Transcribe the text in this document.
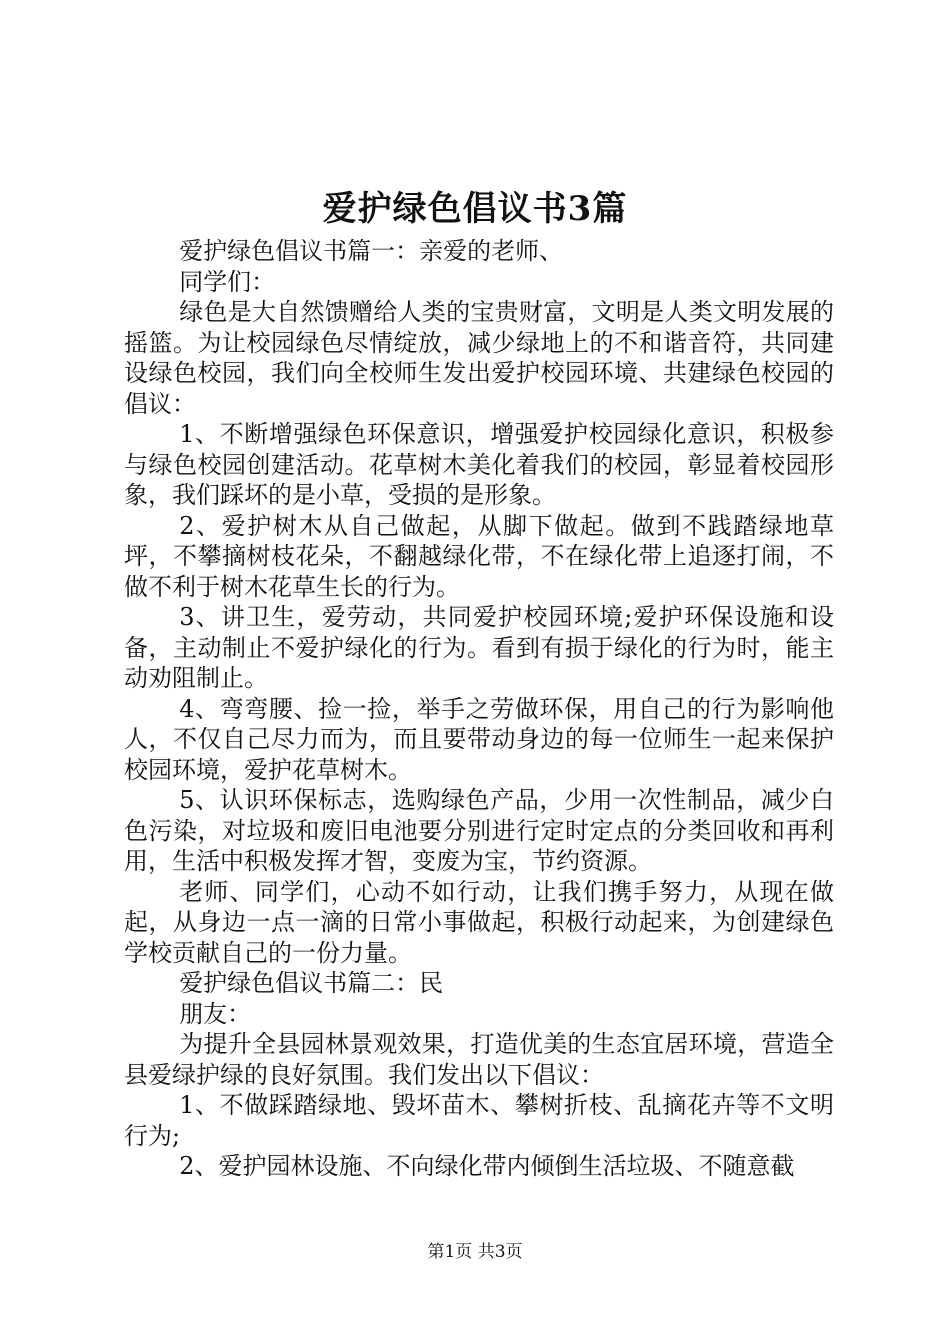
爱护绿色倡议书3篇

爱护绿色倡议书篇一：亲爱的老师、

同学们：

绿色是大自然馈赠给人类的宝贵财富，文明是人类文明发展的摇篮。为让校园绿色尽情绽放，减少绿地上的不和谐音符，共同建设绿色校园，我们向全校师生发出爱护校园环境、共建绿色校园的倡议：

1、不断增强绿色环保意识，增强爱护校园绿化意识，积极参与绿色校园创建活动。花草树木美化着我们的校园，彰显着校园形象，我们踩坏的是小草，受损的是形象。

2、爱护树木从自己做起，从脚下做起。做到不践踏绿地草坪，不攀摘树枝花朵，不翻越绿化带，不在绿化带上追逐打闹，不做不利于树木花草生长的行为。

3、讲卫生，爱劳动，共同爱护校园环境;爱护环保设施和设备，主动制止不爱护绿化的行为。看到有损于绿化的行为时，能主动劝阻制止。

4、弯弯腰、捡一捡，举手之劳做环保，用自己的行为影响他人，不仅自己尽力而为，而且要带动身边的每一位师生一起来保护校园环境，爱护花草树木。

5、认识环保标志，选购绿色产品，少用一次性制品，减少白色污染，对垃圾和废旧电池要分别进行定时定点的分类回收和再利用，生活中积极发挥才智，变废为宝，节约资源。

老师、同学们，心动不如行动，让我们携手努力，从现在做起，从身边一点一滴的日常小事做起，积极行动起来，为创建绿色学校贡献自己的一份力量。

爱护绿色倡议书篇二：民

朋友：

为提升全县园林景观效果，打造优美的生态宜居环境，营造全县爱绿护绿的良好氛围。我们发出以下倡议：

1、不做踩踏绿地、毁坏苗木、攀树折枝、乱摘花卉等不文明行为;

2、爱护园林设施、不向绿化带内倾倒生活垃圾、不随意截

第1页 共3页
